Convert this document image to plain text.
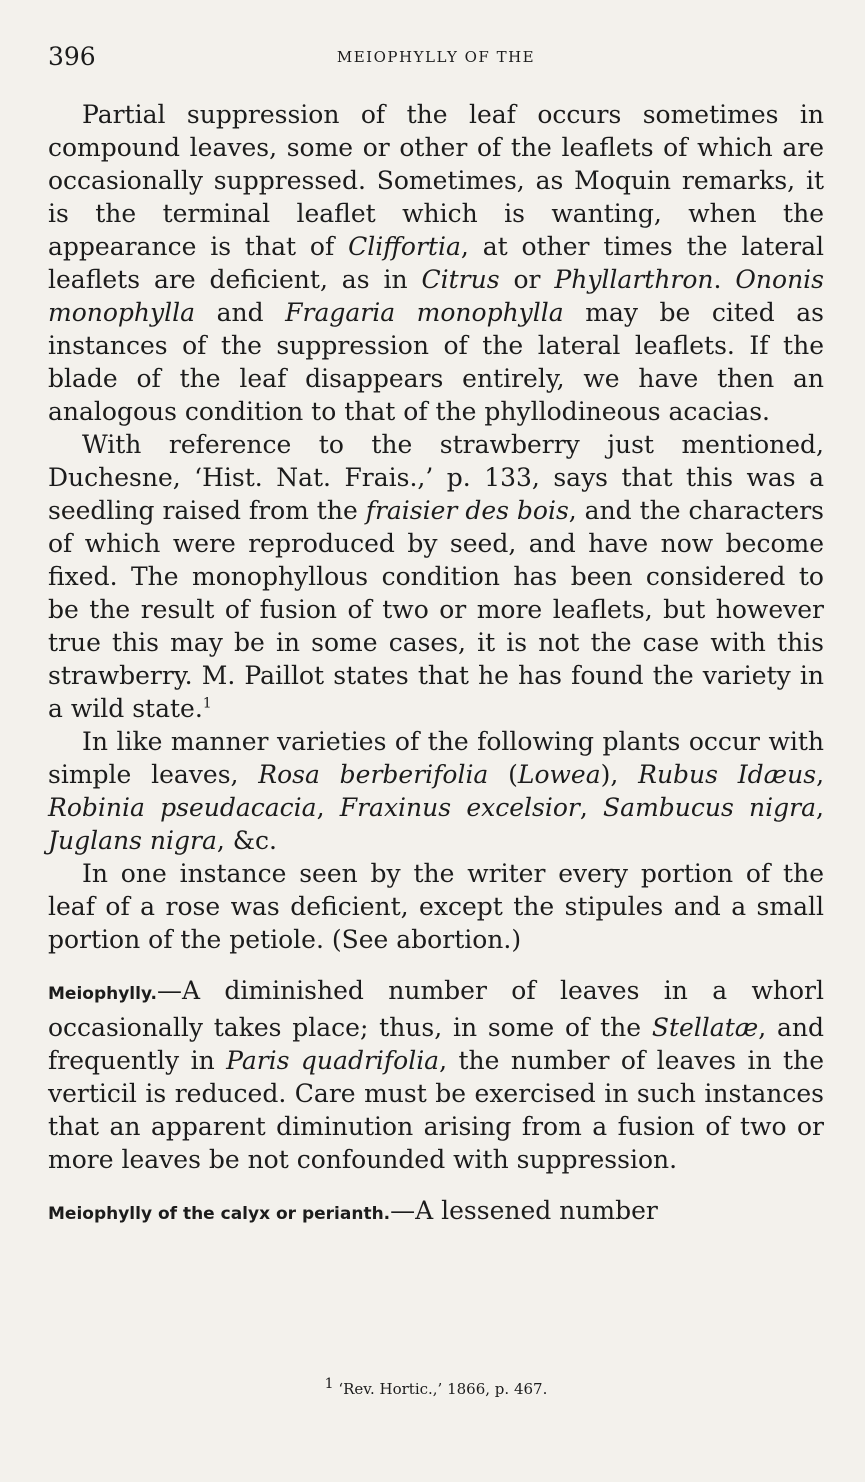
396	MEIOPHYLLY OF THE

Partial suppression of the leaf occurs sometimes in compound leaves, some or other of the leaflets of which are occasionally suppressed. Sometimes, as Moquin remarks, it is the terminal leaflet which is wanting, when the appearance is that of Cliffortia, at other times the lateral leaflets are deficient, as in Citrus or Phyllarthron. Ononis monophylla and Fragaria monophylla may be cited as instances of the suppression of the lateral leaflets. If the blade of the leaf disappears entirely, we have then an analogous condition to that of the phyllodineous acacias.

With reference to the strawberry just mentioned, Duchesne, ‘Hist. Nat. Frais.,’ p. 133, says that this was a seedling raised from the fraisier des bois, and the characters of which were reproduced by seed, and have now become fixed. The monophyllous condition has been considered to be the result of fusion of two or more leaflets, but however true this may be in some cases, it is not the case with this strawberry. M. Paillot states that he has found the variety in a wild state.$^1$

In like manner varieties of the following plants occur with simple leaves, Rosa berberifolia (Lowea), Rubus Idæus, Robinia pseudacacia, Fraxinus excelsior, Sambucus nigra, Juglans nigra, &c.

In one instance seen by the writer every portion of the leaf of a rose was deficient, except the stipules and a small portion of the petiole. (See abortion.)

Meiophylly.—A diminished number of leaves in a whorl occasionally takes place; thus, in some of the Stellatæ, and frequently in Paris quadrifolia, the number of leaves in the verticil is reduced. Care must be exercised in such instances that an apparent diminution arising from a fusion of two or more leaves be not confounded with suppression.

Meiophylly of the calyx or perianth.—A lessened number

$^1$ ‘Rev. Hortic.,’ 1866, p. 467.
